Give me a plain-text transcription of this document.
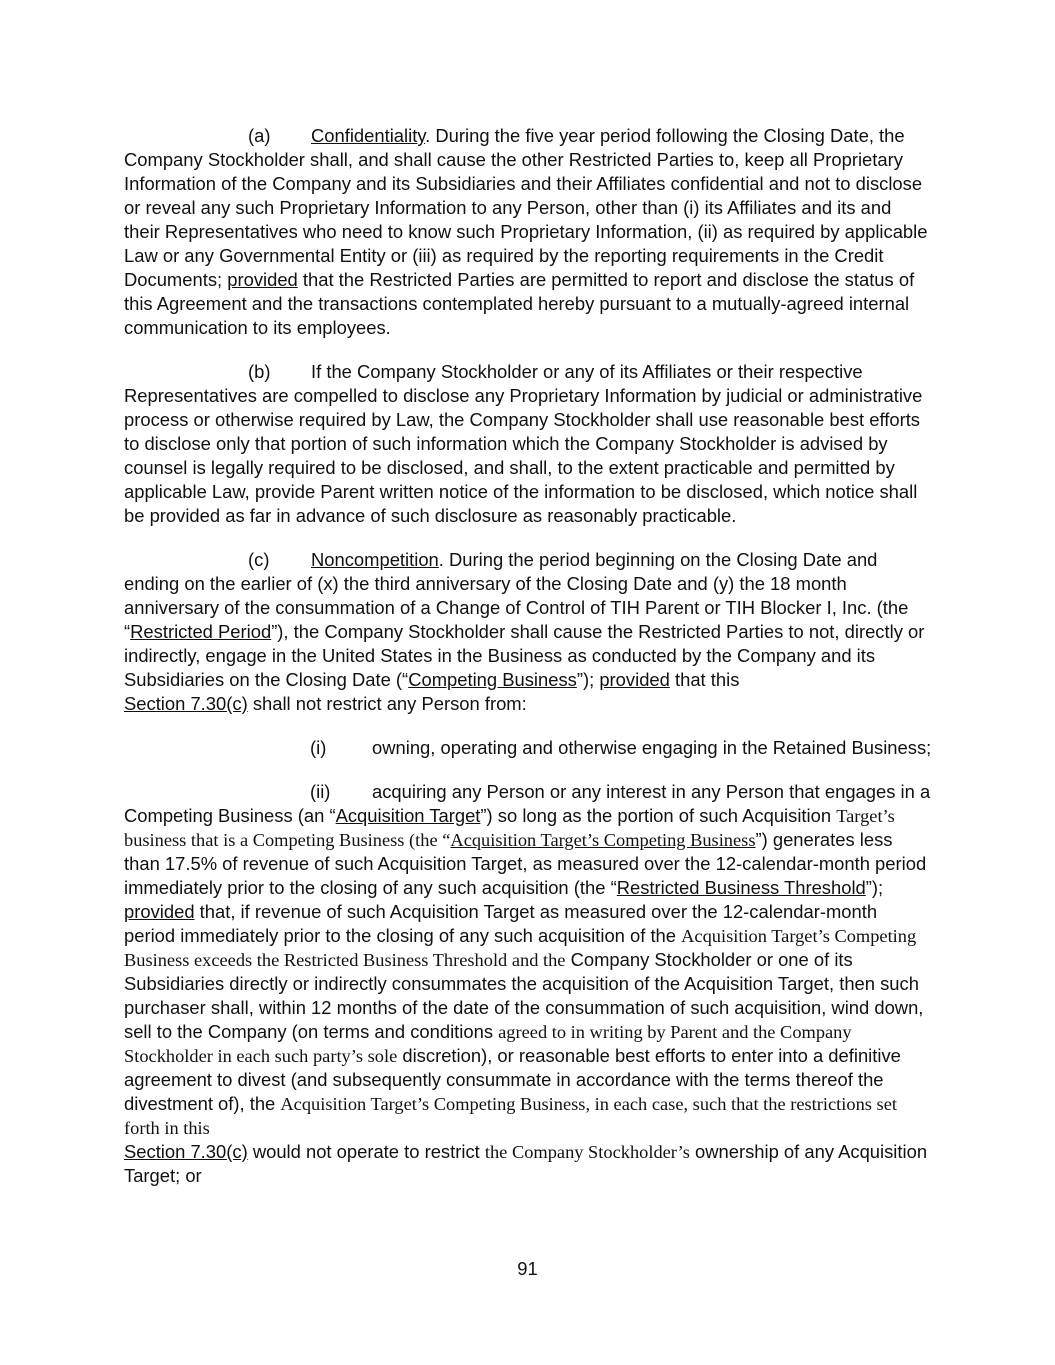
(a) Confidentiality. During the five year period following the Closing Date, the Company Stockholder shall, and shall cause the other Restricted Parties to, keep all Proprietary Information of the Company and its Subsidiaries and their Affiliates confidential and not to disclose or reveal any such Proprietary Information to any Person, other than (i) its Affiliates and its and their Representatives who need to know such Proprietary Information, (ii) as required by applicable Law or any Governmental Entity or (iii) as required by the reporting requirements in the Credit Documents; provided that the Restricted Parties are permitted to report and disclose the status of this Agreement and the transactions contemplated hereby pursuant to a mutually-agreed internal communication to its employees.

(b) If the Company Stockholder or any of its Affiliates or their respective Representatives are compelled to disclose any Proprietary Information by judicial or administrative process or otherwise required by Law, the Company Stockholder shall use reasonable best efforts to disclose only that portion of such information which the Company Stockholder is advised by counsel is legally required to be disclosed, and shall, to the extent practicable and permitted by applicable Law, provide Parent written notice of the information to be disclosed, which notice shall be provided as far in advance of such disclosure as reasonably practicable.

(c) Noncompetition. During the period beginning on the Closing Date and ending on the earlier of (x) the third anniversary of the Closing Date and (y) the 18 month anniversary of the consummation of a Change of Control of TIH Parent or TIH Blocker I, Inc. (the “Restricted Period”), the Company Stockholder shall cause the Restricted Parties to not, directly or indirectly, engage in the United States in the Business as conducted by the Company and its Subsidiaries on the Closing Date (“Competing Business”); provided that this
Section 7.30(c) shall not restrict any Person from:

(i) owning, operating and otherwise engaging in the Retained Business;

(ii) acquiring any Person or any interest in any Person that engages in a Competing Business (an “Acquisition Target”) so long as the portion of such Acquisition Target’s business that is a Competing Business (the “Acquisition Target’s Competing Business”) generates less than 17.5% of revenue of such Acquisition Target, as measured over the 12-calendar-month period immediately prior to the closing of any such acquisition (the “Restricted Business Threshold”); provided that, if revenue of such Acquisition Target as measured over the 12-calendar-month period immediately prior to the closing of any such acquisition of the Acquisition Target’s Competing Business exceeds the Restricted Business Threshold and the Company Stockholder or one of its Subsidiaries directly or indirectly consummates the acquisition of the Acquisition Target, then such purchaser shall, within 12 months of the date of the consummation of such acquisition, wind down, sell to the Company (on terms and conditions agreed to in writing by Parent and the Company Stockholder in each such party’s sole discretion), or reasonable best efforts to enter into a definitive agreement to divest (and subsequently consummate in accordance with the terms thereof the divestment of), the Acquisition Target’s Competing Business, in each case, such that the restrictions set forth in this
Section 7.30(c) would not operate to restrict the Company Stockholder’s ownership of any Acquisition Target; or

91
